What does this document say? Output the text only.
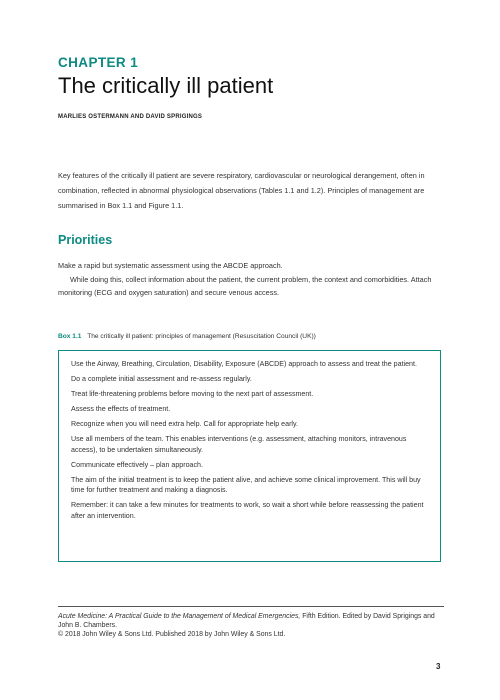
CHAPTER 1
The critically ill patient
MARLIES OSTERMANN AND DAVID SPRIGINGS

Key features of the critically ill patient are severe respiratory, cardiovascular or neurological derangement, often in combination, reflected in abnormal physiological observations (Tables 1.1 and 1.2). Principles of management are summarised in Box 1.1 and Figure 1.1.

Priorities

Make a rapid but systematic assessment using the ABCDE approach.

While doing this, collect information about the patient, the current problem, the context and comorbidities. Attach monitoring (ECG and oxygen saturation) and secure venous access.

Box 1.1 The critically ill patient: principles of management (Resuscitation Council (UK))
Use the Airway, Breathing, Circulation, Disability, Exposure (ABCDE) approach to assess and treat the patient.
Do a complete initial assessment and re-assess regularly.
Treat life-threatening problems before moving to the next part of assessment.
Assess the effects of treatment.
Recognize when you will need extra help. Call for appropriate help early.
Use all members of the team. This enables interventions (e.g. assessment, attaching monitors, intravenous access), to be undertaken simultaneously.
Communicate effectively – plan approach.
The aim of the initial treatment is to keep the patient alive, and achieve some clinical improvement. This will buy time for further treatment and making a diagnosis.
Remember: it can take a few minutes for treatments to work, so wait a short while before reassessing the patient after an intervention.
Acute Medicine: A Practical Guide to the Management of Medical Emergencies, Fifth Edition. Edited by David Sprigings and John B. Chambers.
© 2018 John Wiley & Sons Ltd. Published 2018 by John Wiley & Sons Ltd.
3
